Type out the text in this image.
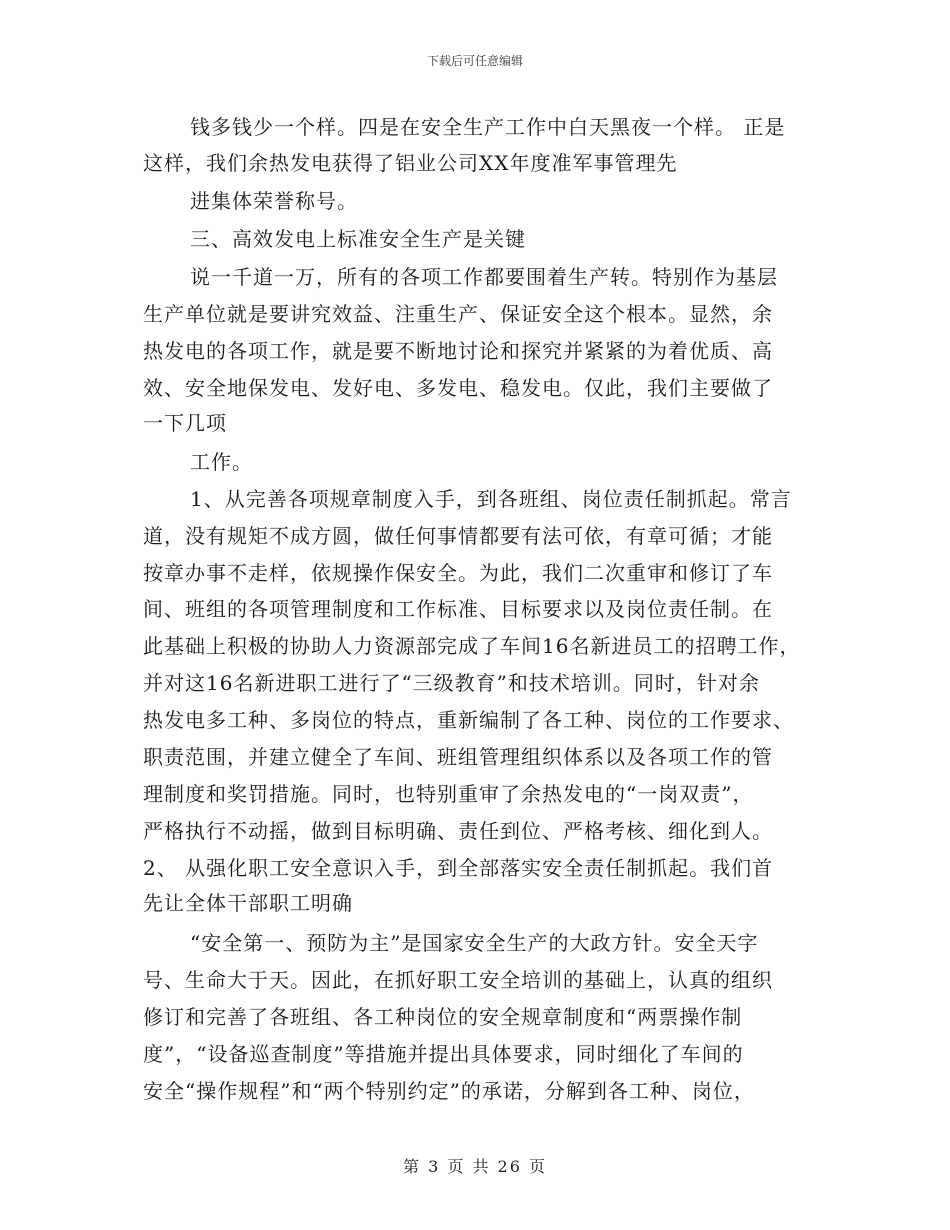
下载后可任意编辑
钱多钱少一个样。四是在安全生产工作中白天黑夜一个样。 正是
这样，我们余热发电获得了铝业公司XX年度准军事管理先
进集体荣誉称号。
三、高效发电上标准安全生产是关键
说一千道一万，所有的各项工作都要围着生产转。特别作为基层
生产单位就是要讲究效益、注重生产、保证安全这个根本。显然，余
热发电的各项工作，就是要不断地讨论和探究并紧紧的为着优质、高
效、安全地保发电、发好电、多发电、稳发电。仅此，我们主要做了
一下几项
工作。
1、从完善各项规章制度入手，到各班组、岗位责任制抓起。常言
道，没有规矩不成方圆，做任何事情都要有法可依，有章可循；才能
按章办事不走样，依规操作保安全。为此，我们二次重审和修订了车
间、班组的各项管理制度和工作标准、目标要求以及岗位责任制。在
此基础上积极的协助人力资源部完成了车间16名新进员工的招聘工作，
并对这16名新进职工进行了“三级教育”和技术培训。同时，针对余
热发电多工种、多岗位的特点，重新编制了各工种、岗位的工作要求、
职责范围，并建立健全了车间、班组管理组织体系以及各项工作的管
理制度和奖罚措施。同时，也特别重审了余热发电的“一岗双责”，
严格执行不动摇，做到目标明确、责任到位、严格考核、细化到人。
2、 从强化职工安全意识入手，到全部落实安全责任制抓起。我们首
先让全体干部职工明确
“安全第一、预防为主”是国家安全生产的大政方针。安全天字
号、生命大于天。因此，在抓好职工安全培训的基础上，认真的组织
修订和完善了各班组、各工种岗位的安全规章制度和“两票操作制
度”，“设备巡查制度”等措施并提出具体要求，同时细化了车间的
安全“操作规程”和“两个特别约定”的承诺，分解到各工种、岗位，
第 3 页 共 26 页
